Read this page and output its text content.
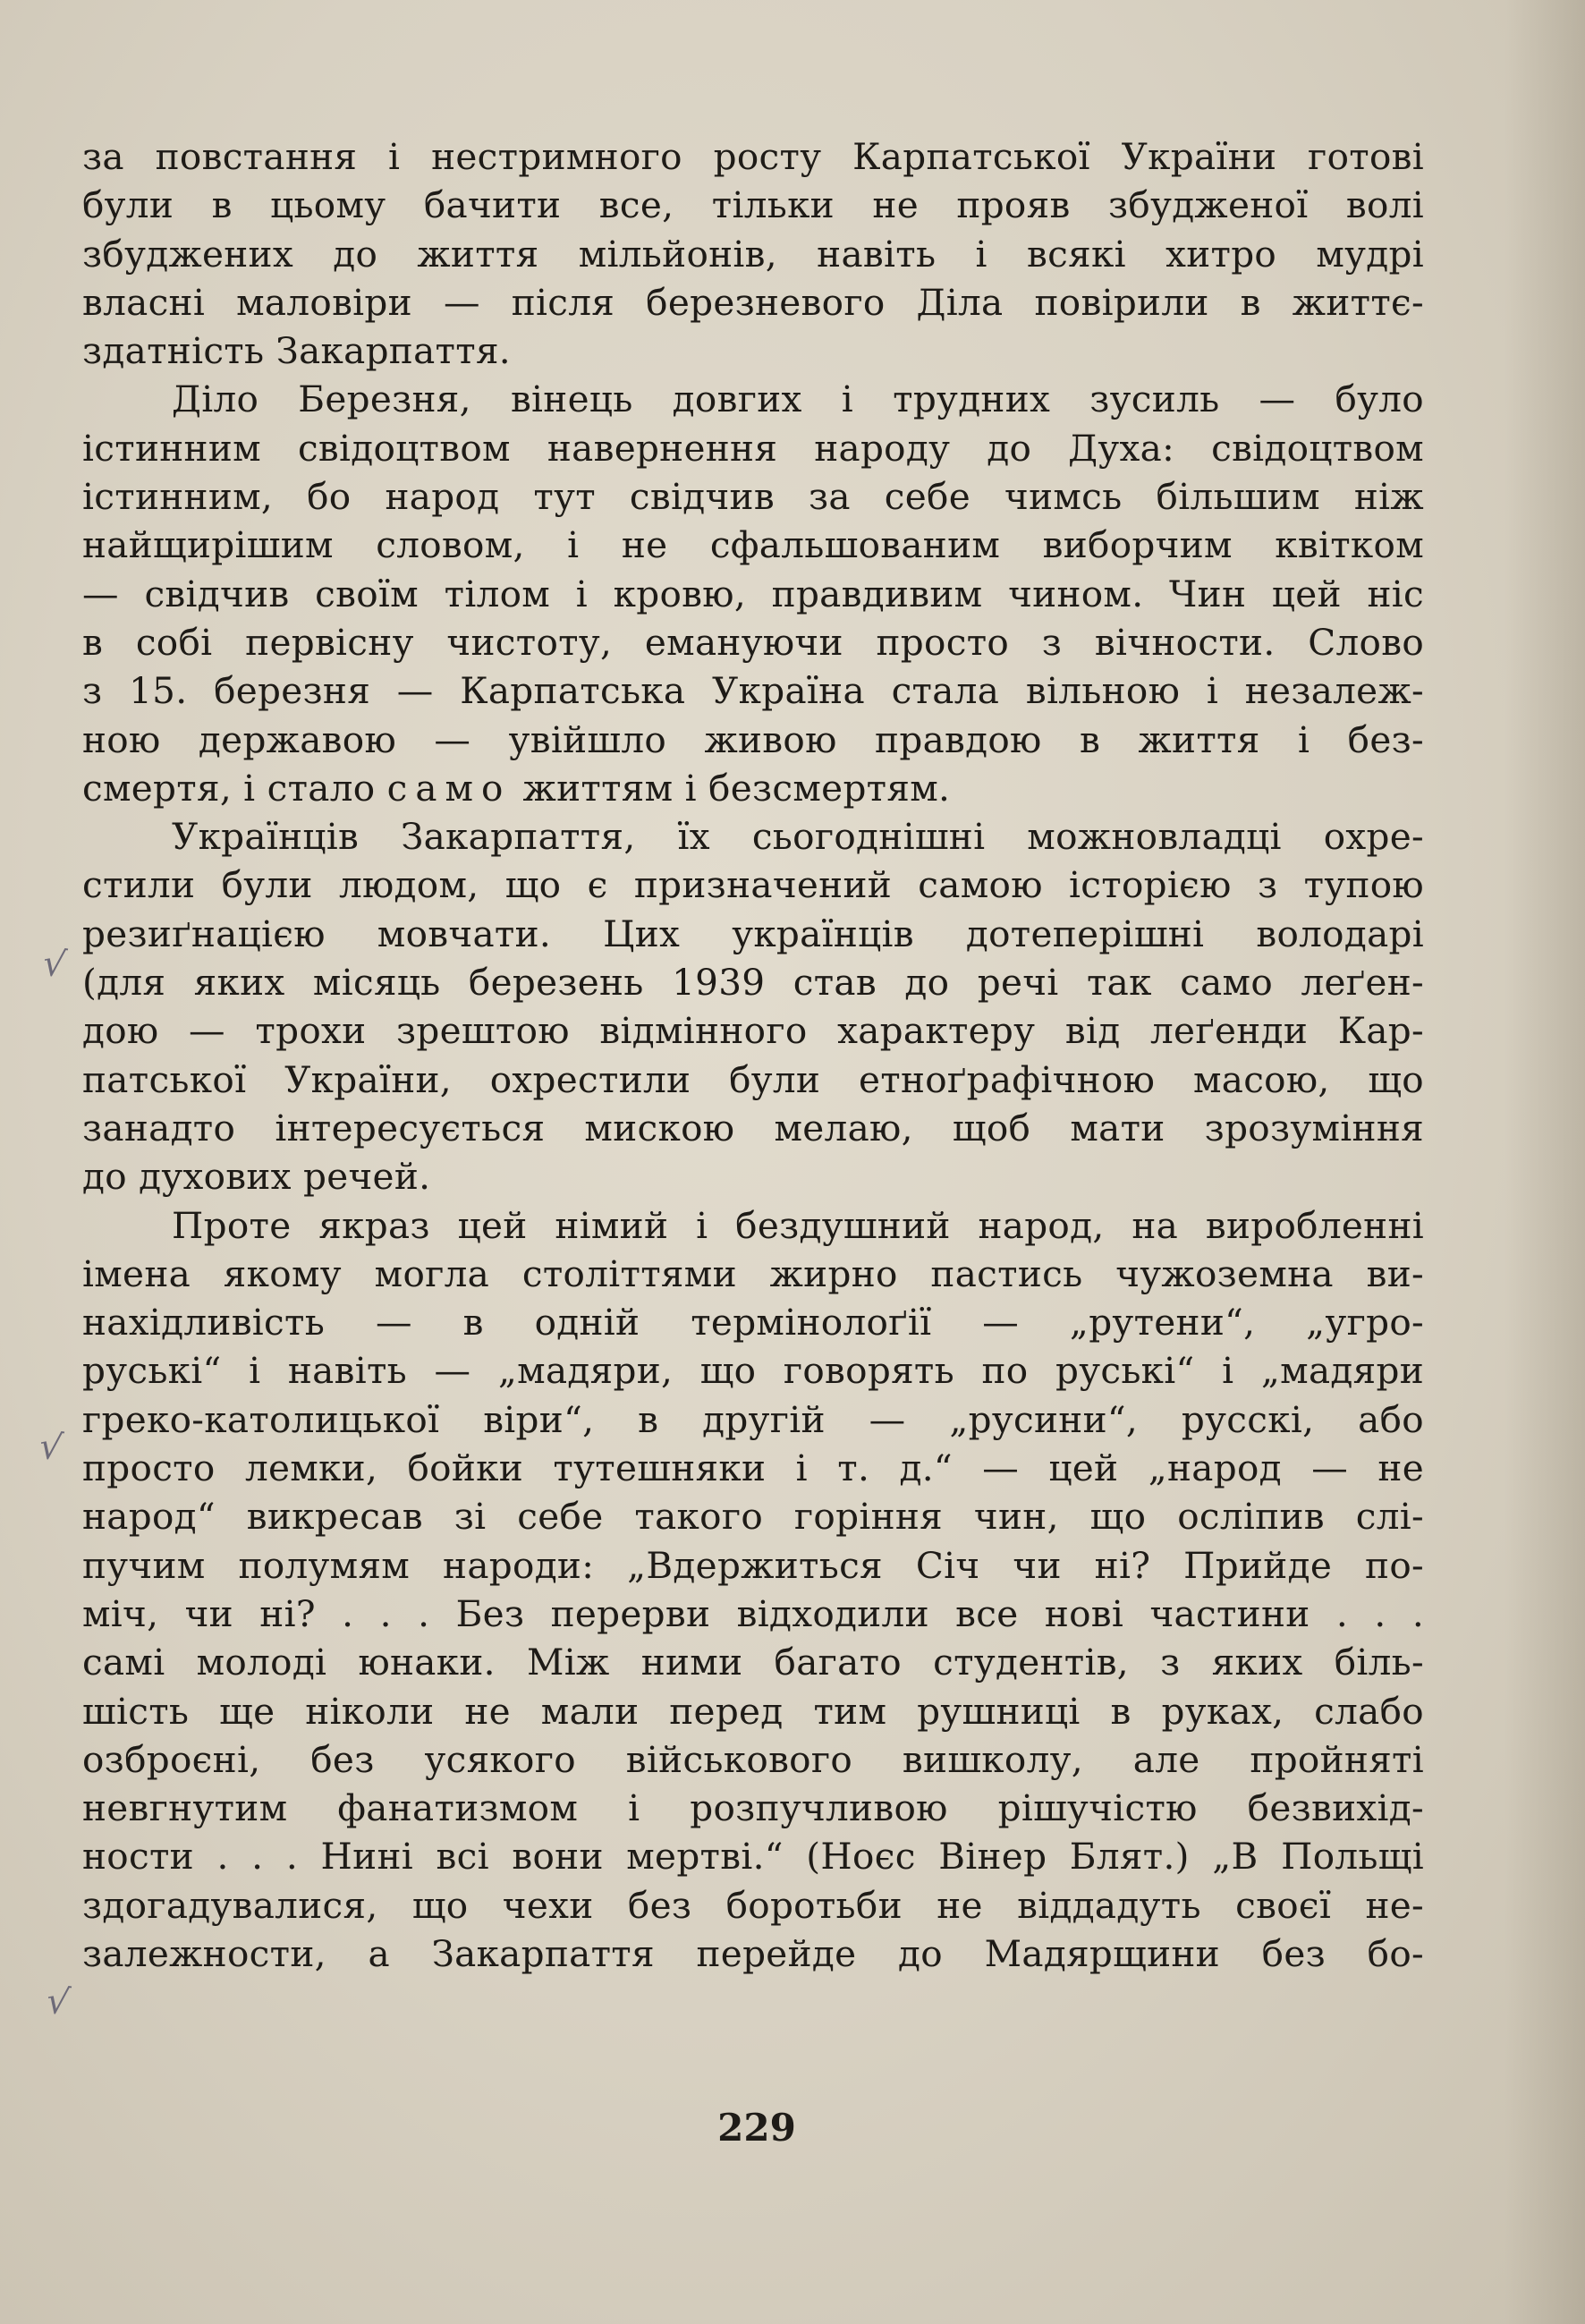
√
√
√
за повстання і нестримного росту Карпатської України готові
були в цьому бачити все, тільки не прояв збудженої волі
збуджених до життя мільйонів, навіть і всякі хитро мудрі
власні маловіри — після березневого Діла повірили в життє-
здатність Закарпаття.
Діло Березня, вінець довгих і трудних зусиль — було
істинним свідоцтвом навернення народу до Духа: свідоцтвом
істинним, бо народ тут свідчив за себе чимсь більшим ніж
найщирішим словом, і не сфальшованим виборчим квітком
— свідчив своїм тілом і кровю, правдивим чином. Чин цей ніс
в собі первісну чистоту, емануючи просто з вічности. Слово
з 15. березня — Карпатська Україна стала вільною і незалеж-
ною державою — увійшло живою правдою в життя і без-
смертя, і стало само життям і безсмертям.
Українців Закарпаття, їх сьогоднішні можновладці охре-
стили були людом, що є призначений самою історією з тупою
резиґнацією мовчати. Цих українців дотеперішні володарі
(для яких місяць березень 1939 став до речі так само леґен-
дою — трохи зрештою відмінного характеру від леґенди Кар-
патської України, охрестили були етноґрафічною масою, що
занадто інтересується мискою мелаю, щоб мати зрозуміння
до духових речей.
Проте якраз цей німий і бездушний народ, на виробленні
імена якому могла століттями жирно пастись чужоземна ви-
нахідливість — в одній термінолоґії — „рутени“, „угро-
руські“ і навіть — „мадяри, що говорять по руські“ і „мадяри
греко-католицької віри“, в другій — „русини“, русскі, або
просто лемки, бойки тутешняки і т. д.“ — цей „народ — не
народ“ викресав зі себе такого горіння чин, що осліпив слі-
пучим полумям народи: „Вдержиться Січ чи ні? Прийде по-
міч, чи ні? . . . Без перерви відходили все нові частини . . .
самі молоді юнаки. Між ними багато студентів, з яких біль-
шість ще ніколи не мали перед тим рушниці в руках, слабо
озброєні, без усякого військового вишколу, але пройняті
невгнутим фанатизмом і розпучливою рішучістю безвихід-
ности . . . Нині всі вони мертві.“ (Ноєс Вінер Блят.) „В Польщі
здогадувалися, що чехи без боротьби не віддадуть своєї не-
залежности, а Закарпаття перейде до Мадярщини без бо-
229
